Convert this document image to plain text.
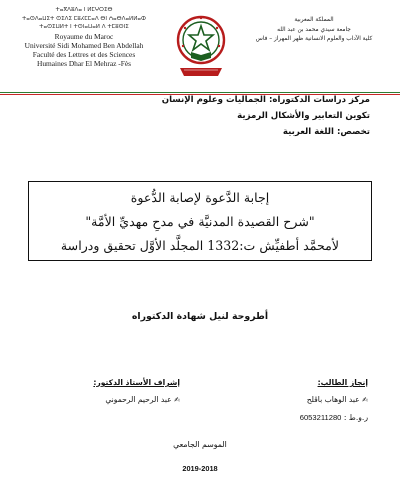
ⵜⴰⴳⴷⵓⴷⴰ ⵏ ⵍⵎⵖⵔⵉⴱ
ⵜⴰⵙⴷⴰⵡⵉⵜ ⵙⵉⴷⵉ ⵎⵓⵃⵎⵎⴰⴷ ⴱⵏ ⵄⴰⴱⴷⴰⵍⵍⴰⵀ
ⵜⴰⵙⵉⵡⵍⵜ ⵏ ⵜⵙⵏⴰⵡⴰⵍ ⴷ ⵜⵎⵓⵙⵏⵉ
Royaume du Maroc
Université Sidi Mohamed Ben Abdellah
Faculté des Lettres et des Sciences
Humaines Dhar El Mehraz -Fès
المملكة المغربية
جامعة سيدي محمد بن عبد الله
كلية الآداب والعلوم الانسانية ظهر المهراز – فاس
مركز دراسات الدكتوراه: الجماليات وعلوم الإنسان
تكوين التعابير والأشكال الرمزية
تخصص: اللغة العربية
إجابة الدَّعوة لإصابة الدُّعوة
"شرح القصيدة المدنيَّة في مدحِ مهديِّ الأمَّة"
لأمحمَّد أطفيِّش ت:1332 المجلَّد الأوَّل تحقيق ودراسة
أطروحة لنيل شهادة الدكتوراه
إنجاز الطالب:
✍ عبد الوهاب باڤلح
ر.و.ط : 6053211280
إشراف الأستاذ الدكتور:
✍ عبد الرحيم الرحموني
الموسم الجامعي
2019-2018
